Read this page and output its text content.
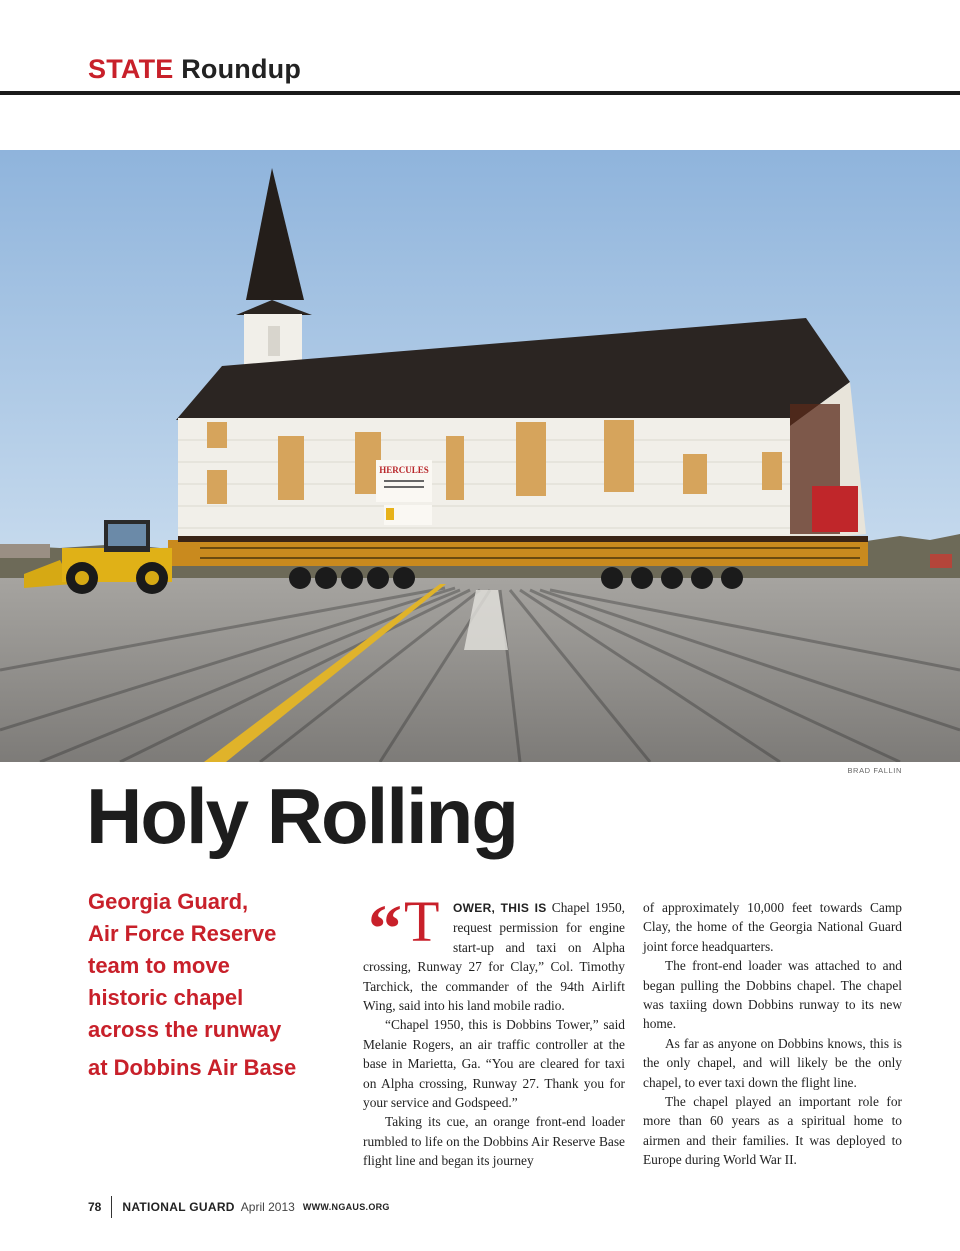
STATE Roundup
HERCULES
BRAD FALLIN
Holy Rolling
Georgia Guard,
Air Force Reserve
team to move
historic chapel
across the runway
at Dobbins Air Base

“ T OWER, THIS IS Chapel 1950, request permission for engine start-up and taxi on Alpha crossing, Runway 27 for Clay,” Col. Timothy Tarchick, the commander of the 94th Airlift Wing, said into his land mobile radio.

“Chapel 1950, this is Dobbins Tower,” said Melanie Rogers, an air traffic controller at the base in Marietta, Ga. “You are cleared for taxi on Alpha crossing, Runway 27. Thank you for your service and Godspeed.”

Taking its cue, an orange front-end loader rumbled to life on the Dobbins Air Reserve Base flight line and began its journey

of approximately 10,000 feet towards Camp Clay, the home of the Georgia National Guard joint force headquarters.

The front-end loader was attached to and began pulling the Dobbins chapel. The chapel was taxiing down Dobbins runway to its new home.

As far as anyone on Dobbins knows, this is the only chapel, and will likely be the only chapel, to ever taxi down the flight line.

The chapel played an important role for more than 60 years as a spiritual home to airmen and their families. It was deployed to Europe during World War II.

78 NATIONAL GUARD April 2013 WWW.NGAUS.ORG
